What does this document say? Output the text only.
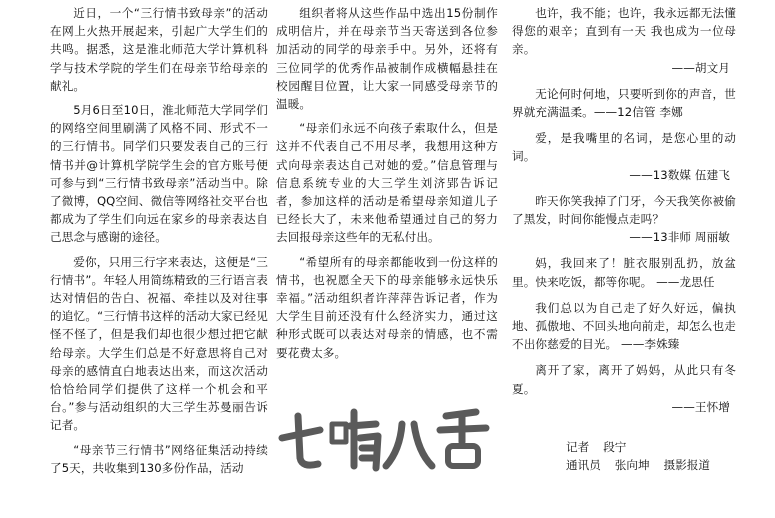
近日，一个“三行情书致母亲”的活动在网上火热开展起来，引起广大学生们的共鸣。据悉，这是淮北师范大学计算机科学与技术学院的学生们在母亲节给母亲的献礼。

5月6日至10日，淮北师范大学同学们的网络空间里刷满了风格不同、形式不一的三行情书。同学们只要发表自己的三行情书并@计算机学院学生会的官方账号便可参与到“三行情书致母亲”活动当中。除了微博，QQ空间、微信等网络社交平台也都成为了学生们向远在家乡的母亲表达自己思念与感谢的途径。

爱你，只用三行字来表达，这便是“三行情书”。年轻人用简练精致的三行语言表达对情侣的告白、祝福、牵挂以及对往事的追忆。“三行情书这样的活动大家已经见怪不怪了，但是我们却也很少想过把它献给母亲。大学生们总是不好意思将自己对母亲的感情直白地表达出来，而这次活动恰恰给同学们提供了这样一个机会和平台。”参与活动组织的大三学生苏曼丽告诉记者。

“母亲节三行情书”网络征集活动持续了5天，共收集到130多份作品，活动

组织者将从这些作品中选出15份制作成明信片，并在母亲节当天寄送到各位参加活动的同学的母亲手中。另外，还将有三位同学的优秀作品被制作成横幅悬挂在校园醒目位置，让大家一同感受母亲节的温暖。

“母亲们永远不向孩子索取什么，但是这并不代表自己不用尽孝，我想用这种方式向母亲表达自己对她的爱。”信息管理与信息系统专业的大三学生刘济郢告诉记者，参加这样的活动是希望母亲知道儿子已经长大了，未来他希望通过自己的努力去回报母亲这些年的无私付出。

“希望所有的母亲都能收到一份这样的情书，也祝愿全天下的母亲能够永远快乐幸福。”活动组织者许萍萍告诉记者，作为大学生目前还没有什么经济实力，通过这种形式既可以表达对母亲的情感，也不需要花费太多。

也许，我不能；也许，我永远都无法懂得您的艰辛；直到有一天 我也成为一位母亲。
——胡文月

无论何时何地，只要听到你的声音，世界就充满温柔。——12信管 李娜

爱，是我嘴里的名词，是您心里的动词。
——13数媒 伍建飞

昨天你笑我掉了门牙，今天我笑你被偷了黑发，时间你能慢点走吗？
——13非师 周丽敏

妈，我回来了！脏衣服别乱扔，放盆里。快来吃饭，都等你呢。 ——龙思任

我们总以为自己走了好久好远，偏执地、孤傲地、不回头地向前走，却怎么也走不出你慈爱的目光。 ——李姝臻

离开了家，离开了妈妈，从此只有冬夏。
——王怀增

记者 段宁
通讯员 张向坤 摄影报道
